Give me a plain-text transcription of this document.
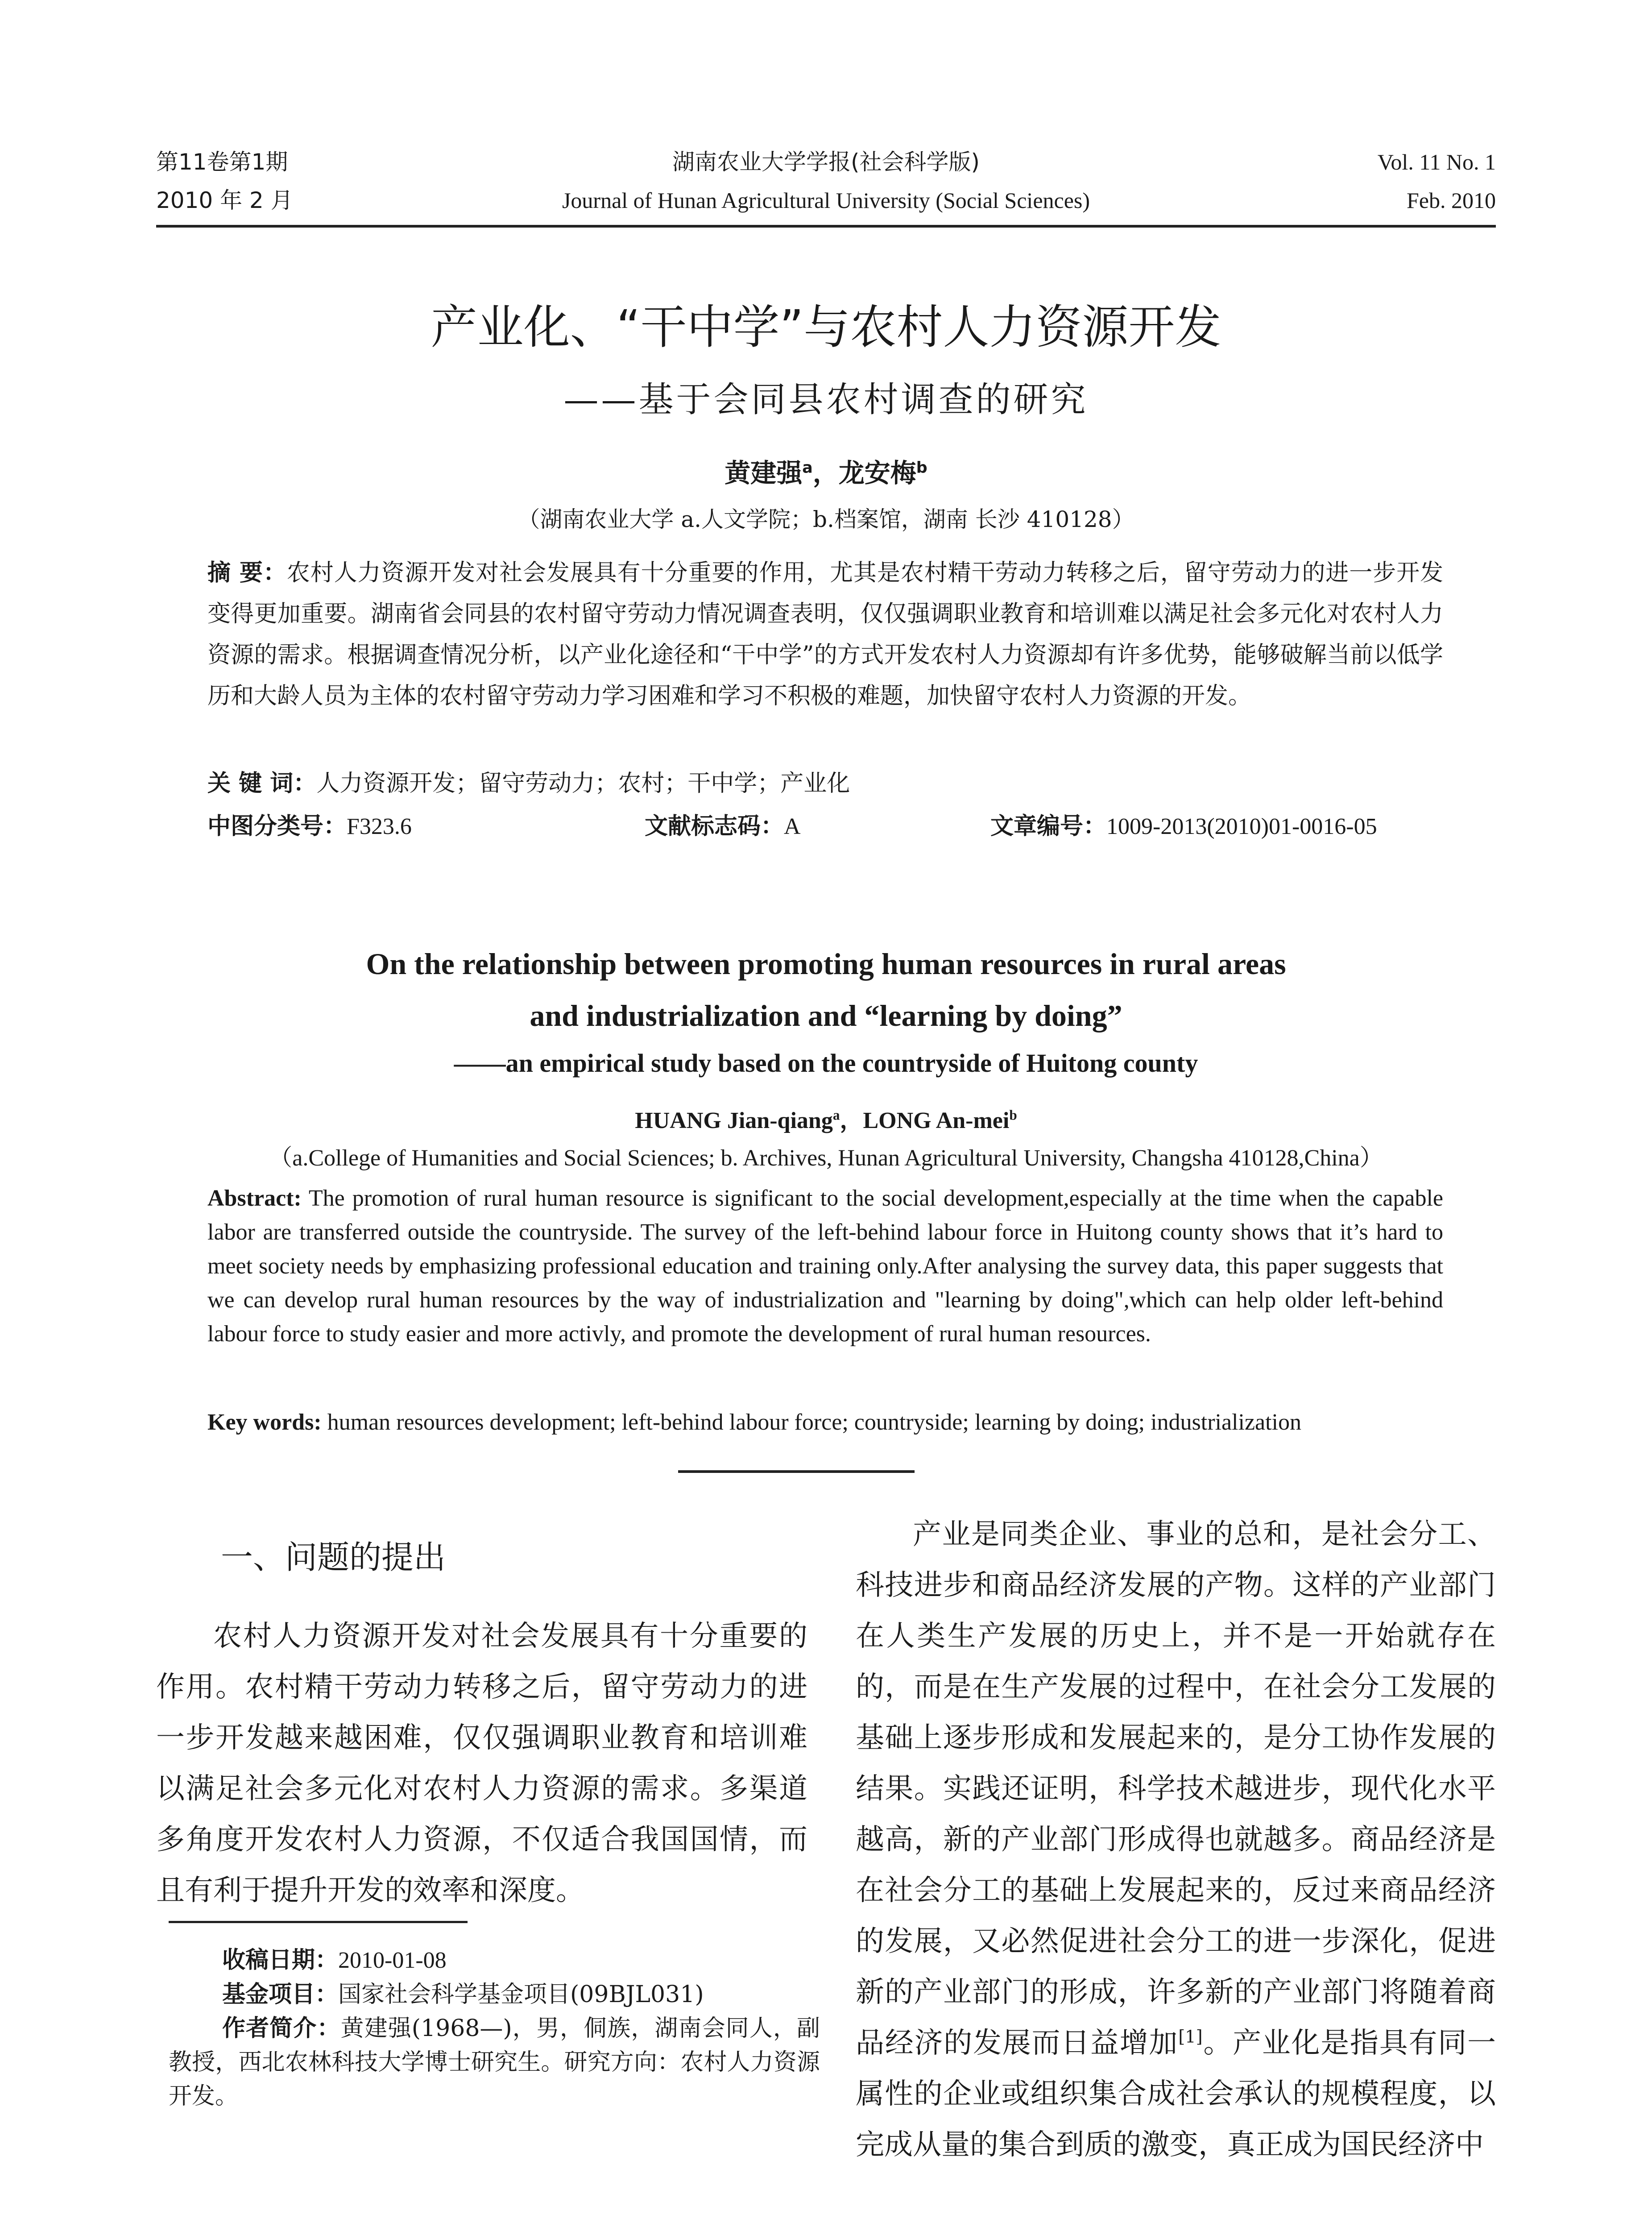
第11卷第1期
2010 年 2 月
湖南农业大学学报(社会科学版)
Journal of Hunan Agricultural University (Social Sciences)
Vol. 11 No. 1
Feb. 2010
产业化、“干中学”与农村人力资源开发
——基于会同县农村调查的研究
黄建强$^a$，龙安梅$^b$
（湖南农业大学 a.人文学院；b.档案馆，湖南 长沙 410128）
摘 要：农村人力资源开发对社会发展具有十分重要的作用，尤其是农村精干劳动力转移之后，留守劳动力的进一步开发变得更加重要。湖南省会同县的农村留守劳动力情况调查表明，仅仅强调职业教育和培训难以满足社会多元化对农村人力资源的需求。根据调查情况分析，以产业化途径和“干中学”的方式开发农村人力资源却有许多优势，能够破解当前以低学历和大龄人员为主体的农村留守劳动力学习困难和学习不积极的难题，加快留守农村人力资源的开发。
关 键 词：人力资源开发；留守劳动力；农村；干中学；产业化
中图分类号：F323.6	文献标志码：A	文章编号：1009-2013(2010)01-0016-05
On the relationship between promoting human resources in rural areas
and industrialization and “learning by doing”
——an empirical study based on the countryside of Huitong county
HUANG Jian-qiang$^a$，LONG An-mei$^b$
（a.College of Humanities and Social Sciences; b. Archives, Hunan Agricultural University, Changsha 410128,China）
Abstract: The promotion of rural human resource is significant to the social development,especially at the time when the capable labor are transferred outside the countryside. The survey of the left-behind labour force in Huitong county shows that it’s hard to meet society needs by emphasizing professional education and training only.After analysing the survey data, this paper suggests that we can develop rural human resources by the way of industrialization and "learning by doing",which can help older left-behind labour force to study easier and more activly, and promote the development of rural human resources.
Key words: human resources development; left-behind labour force; countryside; learning by doing; industrialization
一、问题的提出

农村人力资源开发对社会发展具有十分重要的作用。农村精干劳动力转移之后，留守劳动力的进一步开发越来越困难，仅仅强调职业教育和培训难以满足社会多元化对农村人力资源的需求。多渠道多角度开发农村人力资源，不仅适合我国国情，而且有利于提升开发的效率和深度。

收稿日期：2010-01-08
基金项目：国家社会科学基金项目(09BJL031)
作者简介：黄建强(1968—)，男，侗族，湖南会同人，副教授，西北农林科技大学博士研究生。研究方向：农村人力资源开发。

产业是同类企业、事业的总和，是社会分工、科技进步和商品经济发展的产物。这样的产业部门在人类生产发展的历史上，并不是一开始就存在的，而是在生产发展的过程中，在社会分工发展的基础上逐步形成和发展起来的，是分工协作发展的结果。实践还证明，科学技术越进步，现代化水平越高，新的产业部门形成得也就越多。商品经济是在社会分工的基础上发展起来的，反过来商品经济的发展，又必然促进社会分工的进一步深化，促进新的产业部门的形成，许多新的产业部门将随着商品经济的发展而日益增加[1]。产业化是指具有同一属性的企业或组织集合成社会承认的规模程度，以完成从量的集合到质的激变，真正成为国民经济中
